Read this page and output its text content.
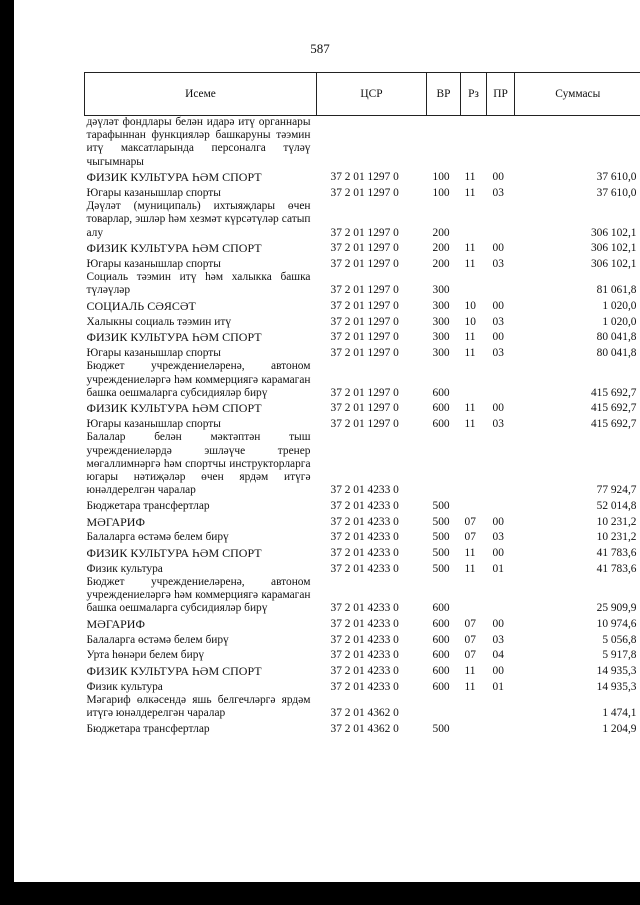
587
Исеме	ЦСР	ВР	Рз	ПР	Суммасы
дәүләт фондлары белән идарә итү органнары тарафыннан функцияләр башкаруны тәэмин итү максатларында персоналга түләү чыгымнары					
ФИЗИК КУЛЬТУРА ҺӘМ СПОРТ	37 2 01 1297 0	100	11	00	37 610,0
Югары казанышлар спорты	37 2 01 1297 0	100	11	03	37 610,0
Дәүләт (муниципаль) ихтыяҗлары өчен товарлар, эшләр һәм хезмәт күрсәтүләр сатып алу	37 2 01 1297 0	200			306 102,1
ФИЗИК КУЛЬТУРА ҺӘМ СПОРТ	37 2 01 1297 0	200	11	00	306 102,1
Югары казанышлар спорты	37 2 01 1297 0	200	11	03	306 102,1
Социаль тәэмин итү һәм халыкка башка түләүләр	37 2 01 1297 0	300			81 061,8
СОЦИАЛЬ СӘЯСӘТ	37 2 01 1297 0	300	10	00	1 020,0
Халыкны социаль тәэмин итү	37 2 01 1297 0	300	10	03	1 020,0
ФИЗИК КУЛЬТУРА ҺӘМ СПОРТ	37 2 01 1297 0	300	11	00	80 041,8
Югары казанышлар спорты	37 2 01 1297 0	300	11	03	80 041,8
Бюджет учреждениеләренә, автоном учреждениеләргә һәм коммерциягә карамаган башка оешмаларга субсидияләр бирү	37 2 01 1297 0	600			415 692,7
ФИЗИК КУЛЬТУРА ҺӘМ СПОРТ	37 2 01 1297 0	600	11	00	415 692,7
Югары казанышлар спорты	37 2 01 1297 0	600	11	03	415 692,7
Балалар белән мәктәптән тыш учреждениеләрдә эшләүче тренер мөгаллимнәргә һәм спортчы инструкторларга югары нәтиҗәләр өчен ярдәм итүгә юнәлдерелгән чаралар	37 2 01 4233 0				77 924,7
Бюджетара трансфертлар	37 2 01 4233 0	500			52 014,8
МӘГАРИФ	37 2 01 4233 0	500	07	00	10 231,2
Балаларга өстәмә белем бирү	37 2 01 4233 0	500	07	03	10 231,2
ФИЗИК КУЛЬТУРА ҺӘМ СПОРТ	37 2 01 4233 0	500	11	00	41 783,6
Физик культура	37 2 01 4233 0	500	11	01	41 783,6
Бюджет учреждениеләренә, автоном учреждениеләргә һәм коммерциягә карамаган башка оешмаларга субсидияләр бирү	37 2 01 4233 0	600			25 909,9
МӘГАРИФ	37 2 01 4233 0	600	07	00	10 974,6
Балаларга өстәмә белем бирү	37 2 01 4233 0	600	07	03	5 056,8
Урта һөнәри белем бирү	37 2 01 4233 0	600	07	04	5 917,8
ФИЗИК КУЛЬТУРА ҺӘМ СПОРТ	37 2 01 4233 0	600	11	00	14 935,3
Физик культура	37 2 01 4233 0	600	11	01	14 935,3
Мәгариф өлкәсендә яшь белгечләргә ярдәм итүгә юнәлдерелгән чаралар	37 2 01 4362 0				1 474,1
Бюджетара трансфертлар	37 2 01 4362 0	500			1 204,9
